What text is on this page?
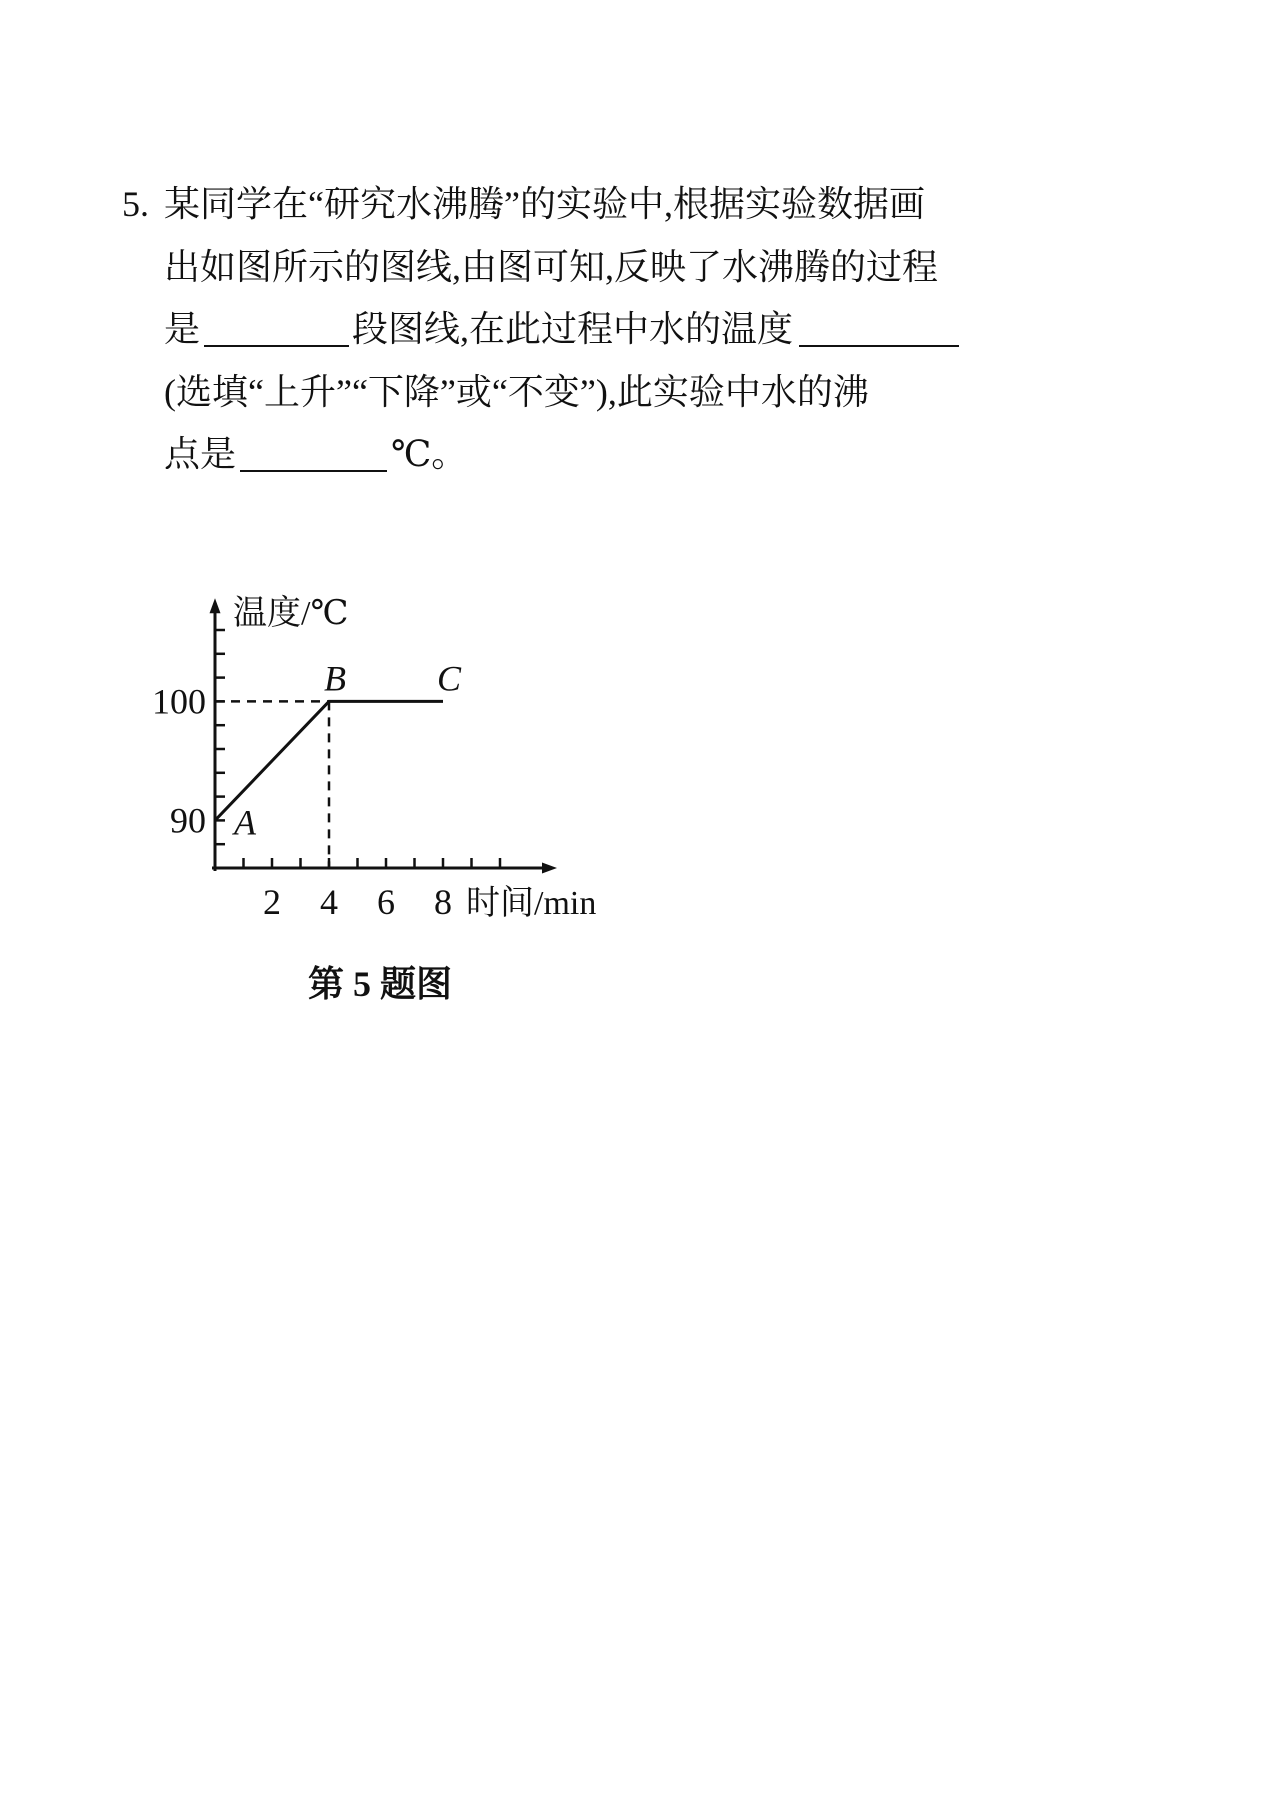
5. 某同学在“研究水沸腾”的实验中,根据实验数据画
出如图所示的图线,由图可知,反映了水沸腾的过程
是	段图线,在此过程中水的温度
(选填“上升”“下降”或“不变”),此实验中水的沸
点是	℃。
A
B	C
2 4 6 8
90
100
时间/min
温度/℃
第 5 题图
